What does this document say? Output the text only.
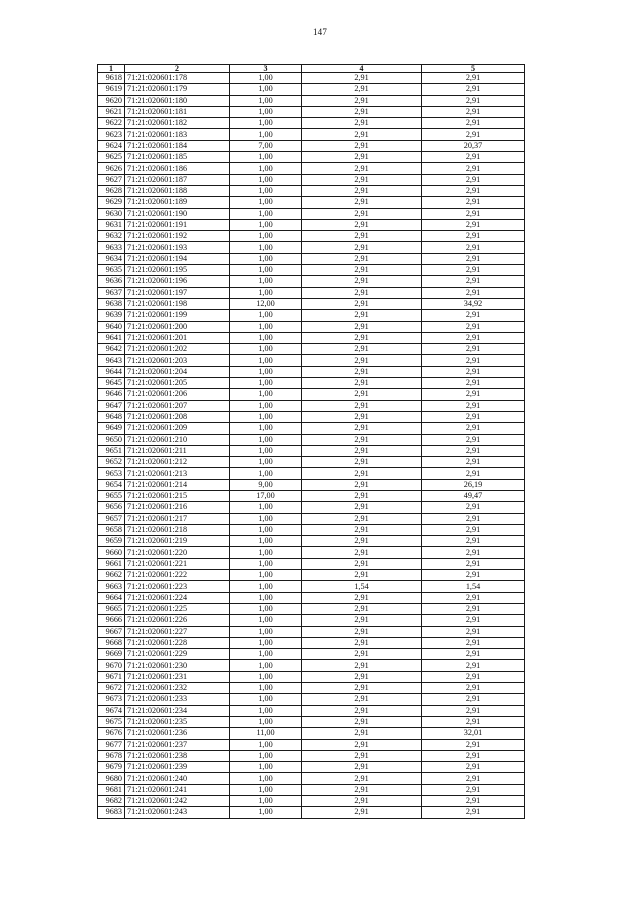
147
1	2	3	4	5
9618	71:21:020601:178	1,00	2,91	2,91
9619	71:21:020601:179	1,00	2,91	2,91
9620	71:21:020601:180	1,00	2,91	2,91
9621	71:21:020601:181	1,00	2,91	2,91
9622	71:21:020601:182	1,00	2,91	2,91
9623	71:21:020601:183	1,00	2,91	2,91
9624	71:21:020601:184	7,00	2,91	20,37
9625	71:21:020601:185	1,00	2,91	2,91
9626	71:21:020601:186	1,00	2,91	2,91
9627	71:21:020601:187	1,00	2,91	2,91
9628	71:21:020601:188	1,00	2,91	2,91
9629	71:21:020601:189	1,00	2,91	2,91
9630	71:21:020601:190	1,00	2,91	2,91
9631	71:21:020601:191	1,00	2,91	2,91
9632	71:21:020601:192	1,00	2,91	2,91
9633	71:21:020601:193	1,00	2,91	2,91
9634	71:21:020601:194	1,00	2,91	2,91
9635	71:21:020601:195	1,00	2,91	2,91
9636	71:21:020601:196	1,00	2,91	2,91
9637	71:21:020601:197	1,00	2,91	2,91
9638	71:21:020601:198	12,00	2,91	34,92
9639	71:21:020601:199	1,00	2,91	2,91
9640	71:21:020601:200	1,00	2,91	2,91
9641	71:21:020601:201	1,00	2,91	2,91
9642	71:21:020601:202	1,00	2,91	2,91
9643	71:21:020601:203	1,00	2,91	2,91
9644	71:21:020601:204	1,00	2,91	2,91
9645	71:21:020601:205	1,00	2,91	2,91
9646	71:21:020601:206	1,00	2,91	2,91
9647	71:21:020601:207	1,00	2,91	2,91
9648	71:21:020601:208	1,00	2,91	2,91
9649	71:21:020601:209	1,00	2,91	2,91
9650	71:21:020601:210	1,00	2,91	2,91
9651	71:21:020601:211	1,00	2,91	2,91
9652	71:21:020601:212	1,00	2,91	2,91
9653	71:21:020601:213	1,00	2,91	2,91
9654	71:21:020601:214	9,00	2,91	26,19
9655	71:21:020601:215	17,00	2,91	49,47
9656	71:21:020601:216	1,00	2,91	2,91
9657	71:21:020601:217	1,00	2,91	2,91
9658	71:21:020601:218	1,00	2,91	2,91
9659	71:21:020601:219	1,00	2,91	2,91
9660	71:21:020601:220	1,00	2,91	2,91
9661	71:21:020601:221	1,00	2,91	2,91
9662	71:21:020601:222	1,00	2,91	2,91
9663	71:21:020601:223	1,00	1,54	1,54
9664	71:21:020601:224	1,00	2,91	2,91
9665	71:21:020601:225	1,00	2,91	2,91
9666	71:21:020601:226	1,00	2,91	2,91
9667	71:21:020601:227	1,00	2,91	2,91
9668	71:21:020601:228	1,00	2,91	2,91
9669	71:21:020601:229	1,00	2,91	2,91
9670	71:21:020601:230	1,00	2,91	2,91
9671	71:21:020601:231	1,00	2,91	2,91
9672	71:21:020601:232	1,00	2,91	2,91
9673	71:21:020601:233	1,00	2,91	2,91
9674	71:21:020601:234	1,00	2,91	2,91
9675	71:21:020601:235	1,00	2,91	2,91
9676	71:21:020601:236	11,00	2,91	32,01
9677	71:21:020601:237	1,00	2,91	2,91
9678	71:21:020601:238	1,00	2,91	2,91
9679	71:21:020601:239	1,00	2,91	2,91
9680	71:21:020601:240	1,00	2,91	2,91
9681	71:21:020601:241	1,00	2,91	2,91
9682	71:21:020601:242	1,00	2,91	2,91
9683	71:21:020601:243	1,00	2,91	2,91
